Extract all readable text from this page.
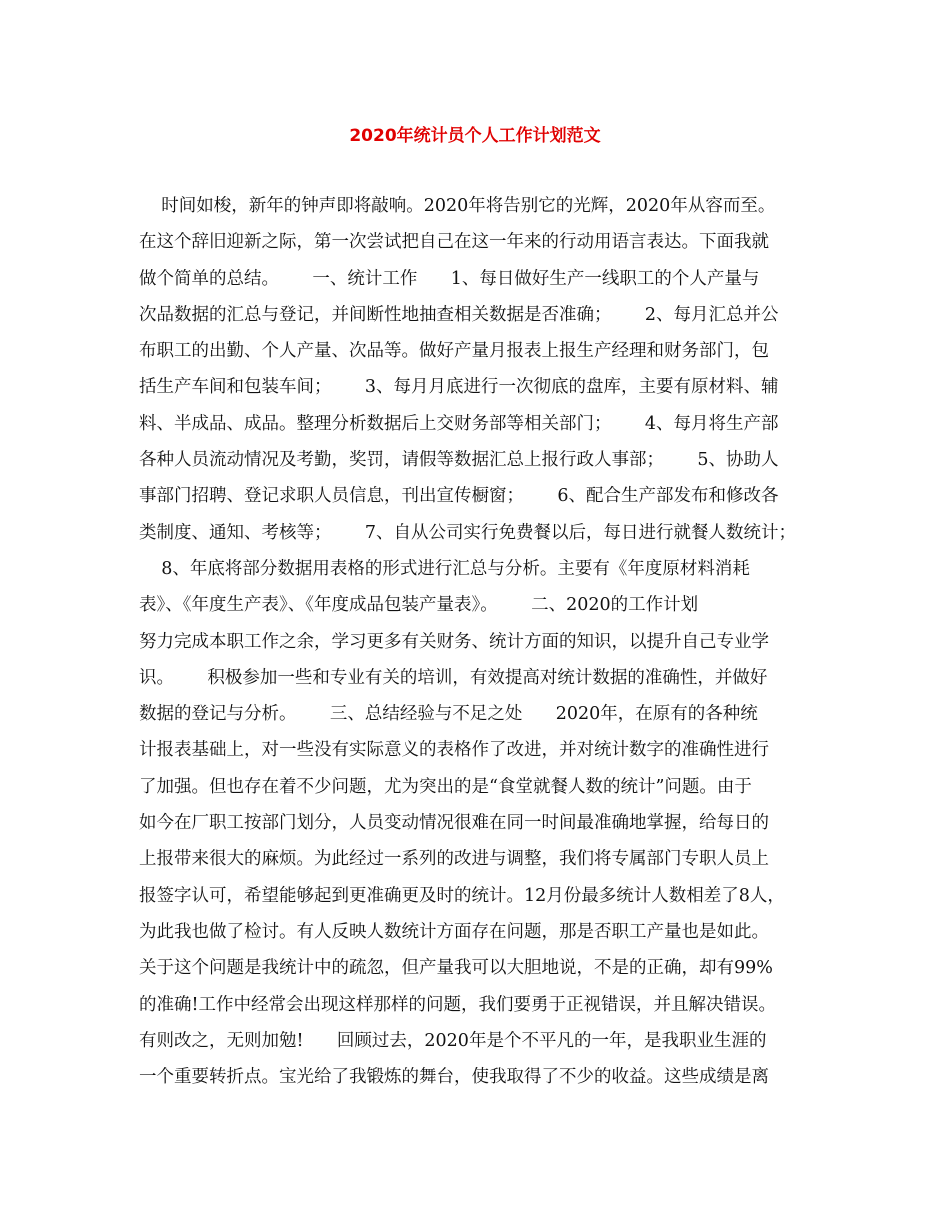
2020年统计员个人工作计划范文
时间如梭，新年的钟声即将敲响。2020年将告别它的光辉，2020年从容而至。
在这个辞旧迎新之际，第一次尝试把自己在这一年来的行动用语言表达。下面我就
做个简单的总结。      一、统计工作      1、每日做好生产一线职工的个人产量与
次品数据的汇总与登记，并间断性地抽查相关数据是否准确；      2、每月汇总并公
布职工的出勤、个人产量、次品等。做好产量月报表上报生产经理和财务部门，包
括生产车间和包装车间；      3、每月月底进行一次彻底的盘库，主要有原材料、辅
料、半成品、成品。整理分析数据后上交财务部等相关部门；      4、每月将生产部
各种人员流动情况及考勤，奖罚，请假等数据汇总上报行政人事部；      5、协助人
事部门招聘、登记求职人员信息，刊出宣传橱窗；      6、配合生产部发布和修改各
类制度、通知、考核等；      7、自从公司实行免费餐以后，每日进行就餐人数统计；
8、年底将部分数据用表格的形式进行汇总与分析。主要有《年度原材料消耗
表》、《年度生产表》、《年度成品包装产量表》。      二、2020的工作计划
努力完成本职工作之余，学习更多有关财务、统计方面的知识，以提升自己专业学
识。      积极参加一些和专业有关的培训，有效提高对统计数据的准确性，并做好
数据的登记与分析。      三、总结经验与不足之处      2020年，在原有的各种统
计报表基础上，对一些没有实际意义的表格作了改进，并对统计数字的准确性进行
了加强。但也存在着不少问题，尤为突出的是“食堂就餐人数的统计”问题。由于
如今在厂职工按部门划分，人员变动情况很难在同一时间最准确地掌握，给每日的
上报带来很大的麻烦。为此经过一系列的改进与调整，我们将专属部门专职人员上
报签字认可，希望能够起到更准确更及时的统计。12月份最多统计人数相差了8人，
为此我也做了检讨。有人反映人数统计方面存在问题，那是否职工产量也是如此。
关于这个问题是我统计中的疏忽，但产量我可以大胆地说，不是的正确，却有99%
的准确!工作中经常会出现这样那样的问题，我们要勇于正视错误，并且解决错误。
有则改之，无则加勉!      回顾过去，2020年是个不平凡的一年，是我职业生涯的
一个重要转折点。宝光给了我锻炼的舞台，使我取得了不少的收益。这些成绩是离
